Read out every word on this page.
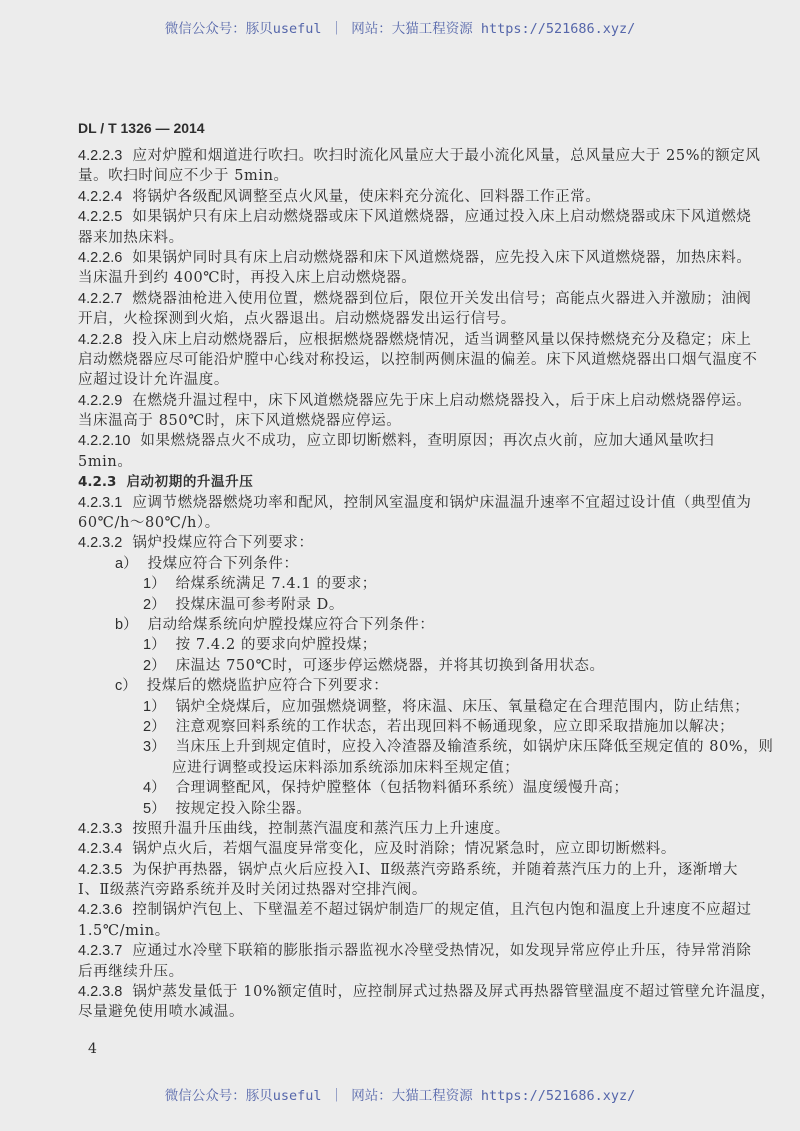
微信公众号：豚贝useful ｜ 网站：大猫工程资源 https://521686.xyz/
DL / T 1326 — 2014
4.2.2.3 应对炉膛和烟道进行吹扫。吹扫时流化风量应大于最小流化风量，总风量应大于 25%的额定风
量。吹扫时间应不少于 5min。
4.2.2.4 将锅炉各级配风调整至点火风量，使床料充分流化、回料器工作正常。
4.2.2.5 如果锅炉只有床上启动燃烧器或床下风道燃烧器，应通过投入床上启动燃烧器或床下风道燃烧
器来加热床料。
4.2.2.6 如果锅炉同时具有床上启动燃烧器和床下风道燃烧器，应先投入床下风道燃烧器，加热床料。
当床温升到约 400℃时，再投入床上启动燃烧器。
4.2.2.7 燃烧器油枪进入使用位置，燃烧器到位后，限位开关发出信号；高能点火器进入并激励；油阀
开启，火检探测到火焰，点火器退出。启动燃烧器发出运行信号。
4.2.2.8 投入床上启动燃烧器后，应根据燃烧器燃烧情况，适当调整风量以保持燃烧充分及稳定；床上
启动燃烧器应尽可能沿炉膛中心线对称投运，以控制两侧床温的偏差。床下风道燃烧器出口烟气温度不
应超过设计允许温度。
4.2.2.9 在燃烧升温过程中，床下风道燃烧器应先于床上启动燃烧器投入，后于床上启动燃烧器停运。
当床温高于 850℃时，床下风道燃烧器应停运。
4.2.2.10 如果燃烧器点火不成功，应立即切断燃料，查明原因；再次点火前，应加大通风量吹扫
5min。
4.2.3 启动初期的升温升压
4.2.3.1 应调节燃烧器燃烧功率和配风，控制风室温度和锅炉床温温升速率不宜超过设计值（典型值为
60℃/h～80℃/h）。
4.2.3.2 锅炉投煤应符合下列要求：
a） 投煤应符合下列条件：
1） 给煤系统满足 7.4.1 的要求；
2） 投煤床温可参考附录 D。
b） 启动给煤系统向炉膛投煤应符合下列条件：
1） 按 7.4.2 的要求向炉膛投煤；
2） 床温达 750℃时，可逐步停运燃烧器，并将其切换到备用状态。
c） 投煤后的燃烧监护应符合下列要求：
1） 锅炉全烧煤后，应加强燃烧调整，将床温、床压、氧量稳定在合理范围内，防止结焦；
2） 注意观察回料系统的工作状态，若出现回料不畅通现象，应立即采取措施加以解决；
3） 当床压上升到规定值时，应投入冷渣器及输渣系统，如锅炉床压降低至规定值的 80%，则
应进行调整或投运床料添加系统添加床料至规定值；
4） 合理调整配风，保持炉膛整体（包括物料循环系统）温度缓慢升高；
5） 按规定投入除尘器。
4.2.3.3 按照升温升压曲线，控制蒸汽温度和蒸汽压力上升速度。
4.2.3.4 锅炉点火后，若烟气温度异常变化，应及时消除；情况紧急时，应立即切断燃料。
4.2.3.5 为保护再热器，锅炉点火后应投入Ⅰ、Ⅱ级蒸汽旁路系统，并随着蒸汽压力的上升，逐渐增大
Ⅰ、Ⅱ级蒸汽旁路系统并及时关闭过热器对空排汽阀。
4.2.3.6 控制锅炉汽包上、下壁温差不超过锅炉制造厂的规定值，且汽包内饱和温度上升速度不应超过
1.5℃/min。
4.2.3.7 应通过水冷壁下联箱的膨胀指示器监视水冷壁受热情况，如发现异常应停止升压，待异常消除
后再继续升压。
4.2.3.8 锅炉蒸发量低于 10%额定值时，应控制屏式过热器及屏式再热器管壁温度不超过管壁允许温度，
尽量避免使用喷水减温。
4
微信公众号：豚贝useful ｜ 网站：大猫工程资源 https://521686.xyz/
